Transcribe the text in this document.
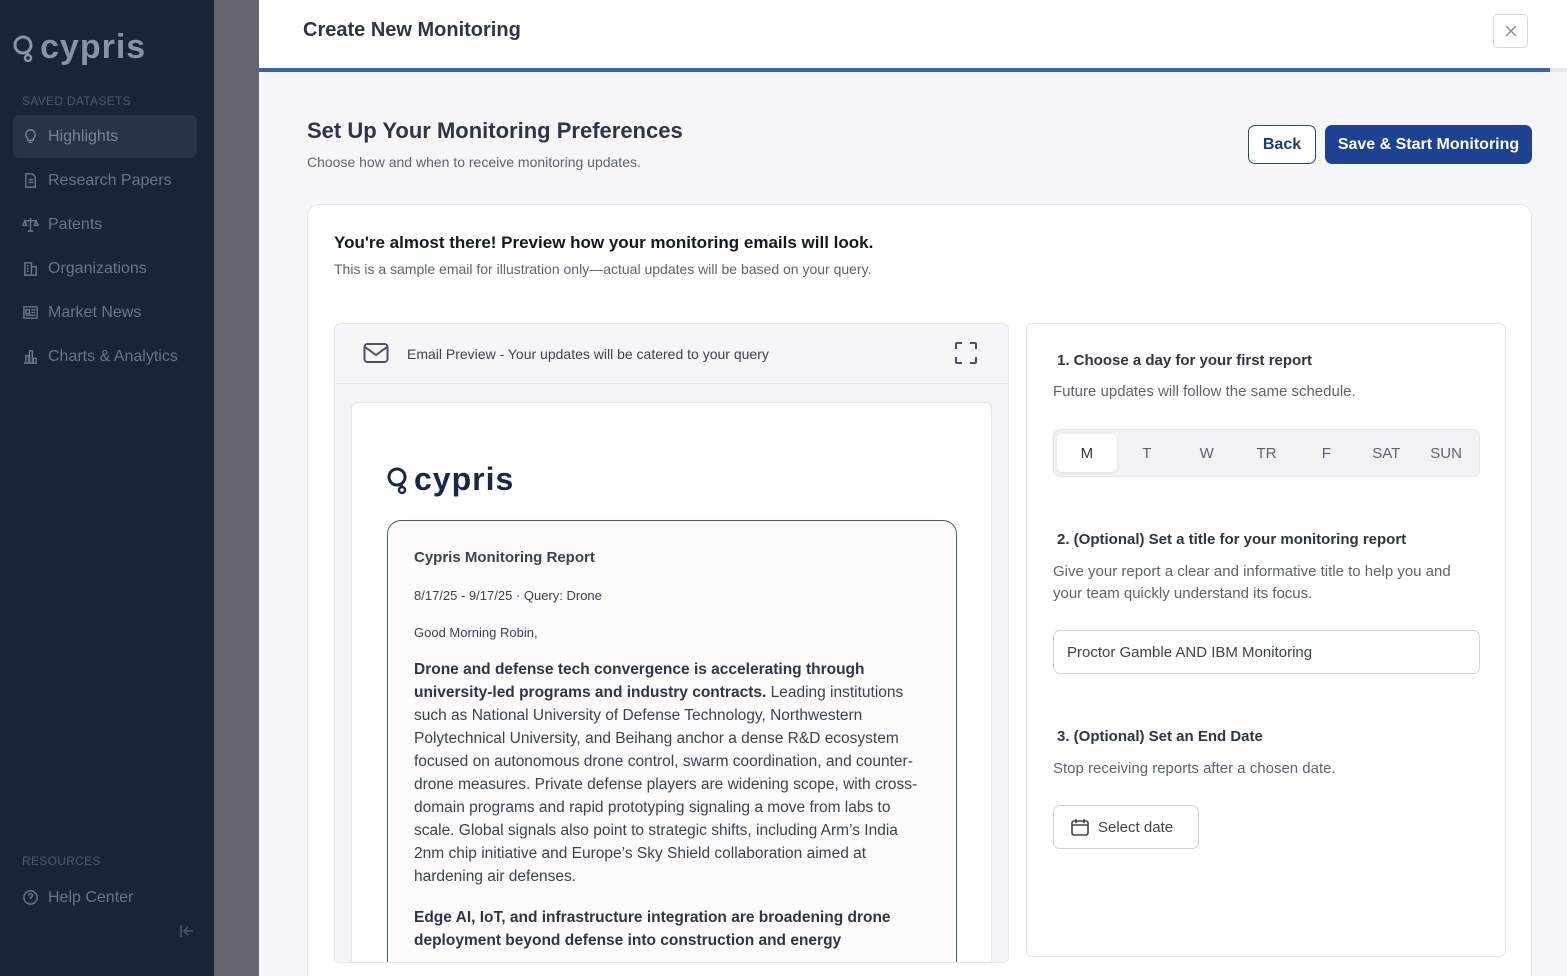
cypris
SAVED DATASETS
Highlights
Research Papers
Patents
Organizations
Market News
Charts & Analytics
RESOURCES
Help Center
Create New Monitoring
Set Up Your Monitoring Preferences
Choose how and when to receive monitoring updates.
Back	Save & Start Monitoring
You're almost there! Preview how your monitoring emails will look.
This is a sample email for illustration only—actual updates will be based on your query.
Email Preview - Your updates will be catered to your query
cypris
Cypris Monitoring Report
8/17/25 - 9/17/25 · Query: Drone
Good Morning Robin,

Drone and defense tech convergence is accelerating through university-led programs and industry contracts. Leading institutions such as National University of Defense Technology, Northwestern Polytechnical University, and Beihang anchor a dense R&D ecosystem focused on autonomous drone control, swarm coordination, and counter-drone measures. Private defense players are widening scope, with cross-domain programs and rapid prototyping signaling a move from labs to scale. Global signals also point to strategic shifts, including Arm’s India 2nm chip initiative and Europe’s Sky Shield collaboration aimed at hardening air defenses.

Edge AI, IoT, and infrastructure integration are broadening drone deployment beyond defense into construction and energy

1. Choose a day for your first report
Future updates will follow the same schedule.
M	T	W	TR	F	SAT	SUN
2. (Optional) Set a title for your monitoring report
Give your report a clear and informative title to help you and your team quickly understand its focus.
Proctor Gamble AND IBM Monitoring
3. (Optional) Set an End Date
Stop receiving reports after a chosen date.
Select date
